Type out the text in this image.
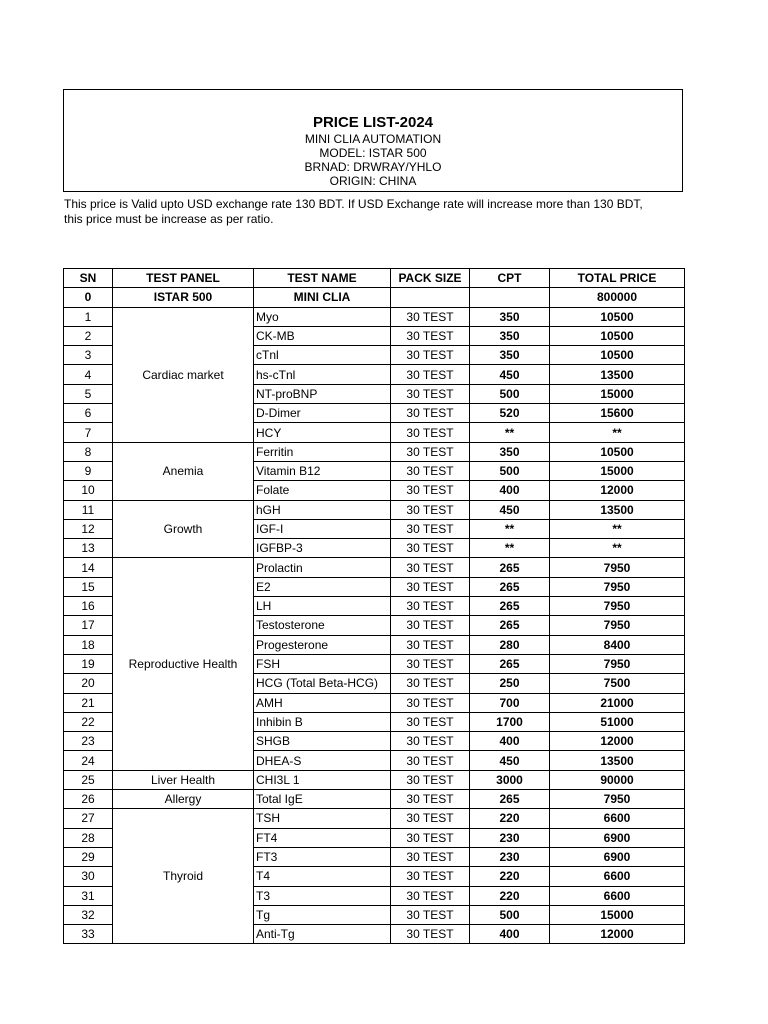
PRICE LIST-2024
MINI CLIA AUTOMATION
MODEL: ISTAR 500
BRNAD: DRWRAY/YHLO
ORIGIN: CHINA
This price is Valid upto USD exchange rate 130 BDT. If USD Exchange rate will increase more than 130 BDT, this price must be increase as per ratio.
SN	TEST PANEL	TEST NAME	PACK SIZE	CPT	TOTAL PRICE
0	ISTAR 500	MINI CLIA			800000
1	Cardiac market	Myo	30 TEST	350	10500
2		CK-MB	30 TEST	350	10500
3		cTnl	30 TEST	350	10500
4		hs-cTnl	30 TEST	450	13500
5		NT-proBNP	30 TEST	500	15000
6		D-Dimer	30 TEST	520	15600
7		HCY	30 TEST	**	**
8	Anemia	Ferritin	30 TEST	350	10500
9		Vitamin B12	30 TEST	500	15000
10		Folate	30 TEST	400	12000
11	Growth	hGH	30 TEST	450	13500
12		IGF-I	30 TEST	**	**
13		IGFBP-3	30 TEST	**	**
14	Reproductive Health	Prolactin	30 TEST	265	7950
15		E2	30 TEST	265	7950
16		LH	30 TEST	265	7950
17		Testosterone	30 TEST	265	7950
18		Progesterone	30 TEST	280	8400
19		FSH	30 TEST	265	7950
20		HCG (Total Beta-HCG)	30 TEST	250	7500
21		AMH	30 TEST	700	21000
22		Inhibin B	30 TEST	1700	51000
23		SHGB	30 TEST	400	12000
24		DHEA-S	30 TEST	450	13500
25	Liver Health	CHI3L 1	30 TEST	3000	90000
26	Allergy	Total IgE	30 TEST	265	7950
27	Thyroid	TSH	30 TEST	220	6600
28		FT4	30 TEST	230	6900
29		FT3	30 TEST	230	6900
30		T4	30 TEST	220	6600
31		T3	30 TEST	220	6600
32		Tg	30 TEST	500	15000
33		Anti-Tg	30 TEST	400	12000
